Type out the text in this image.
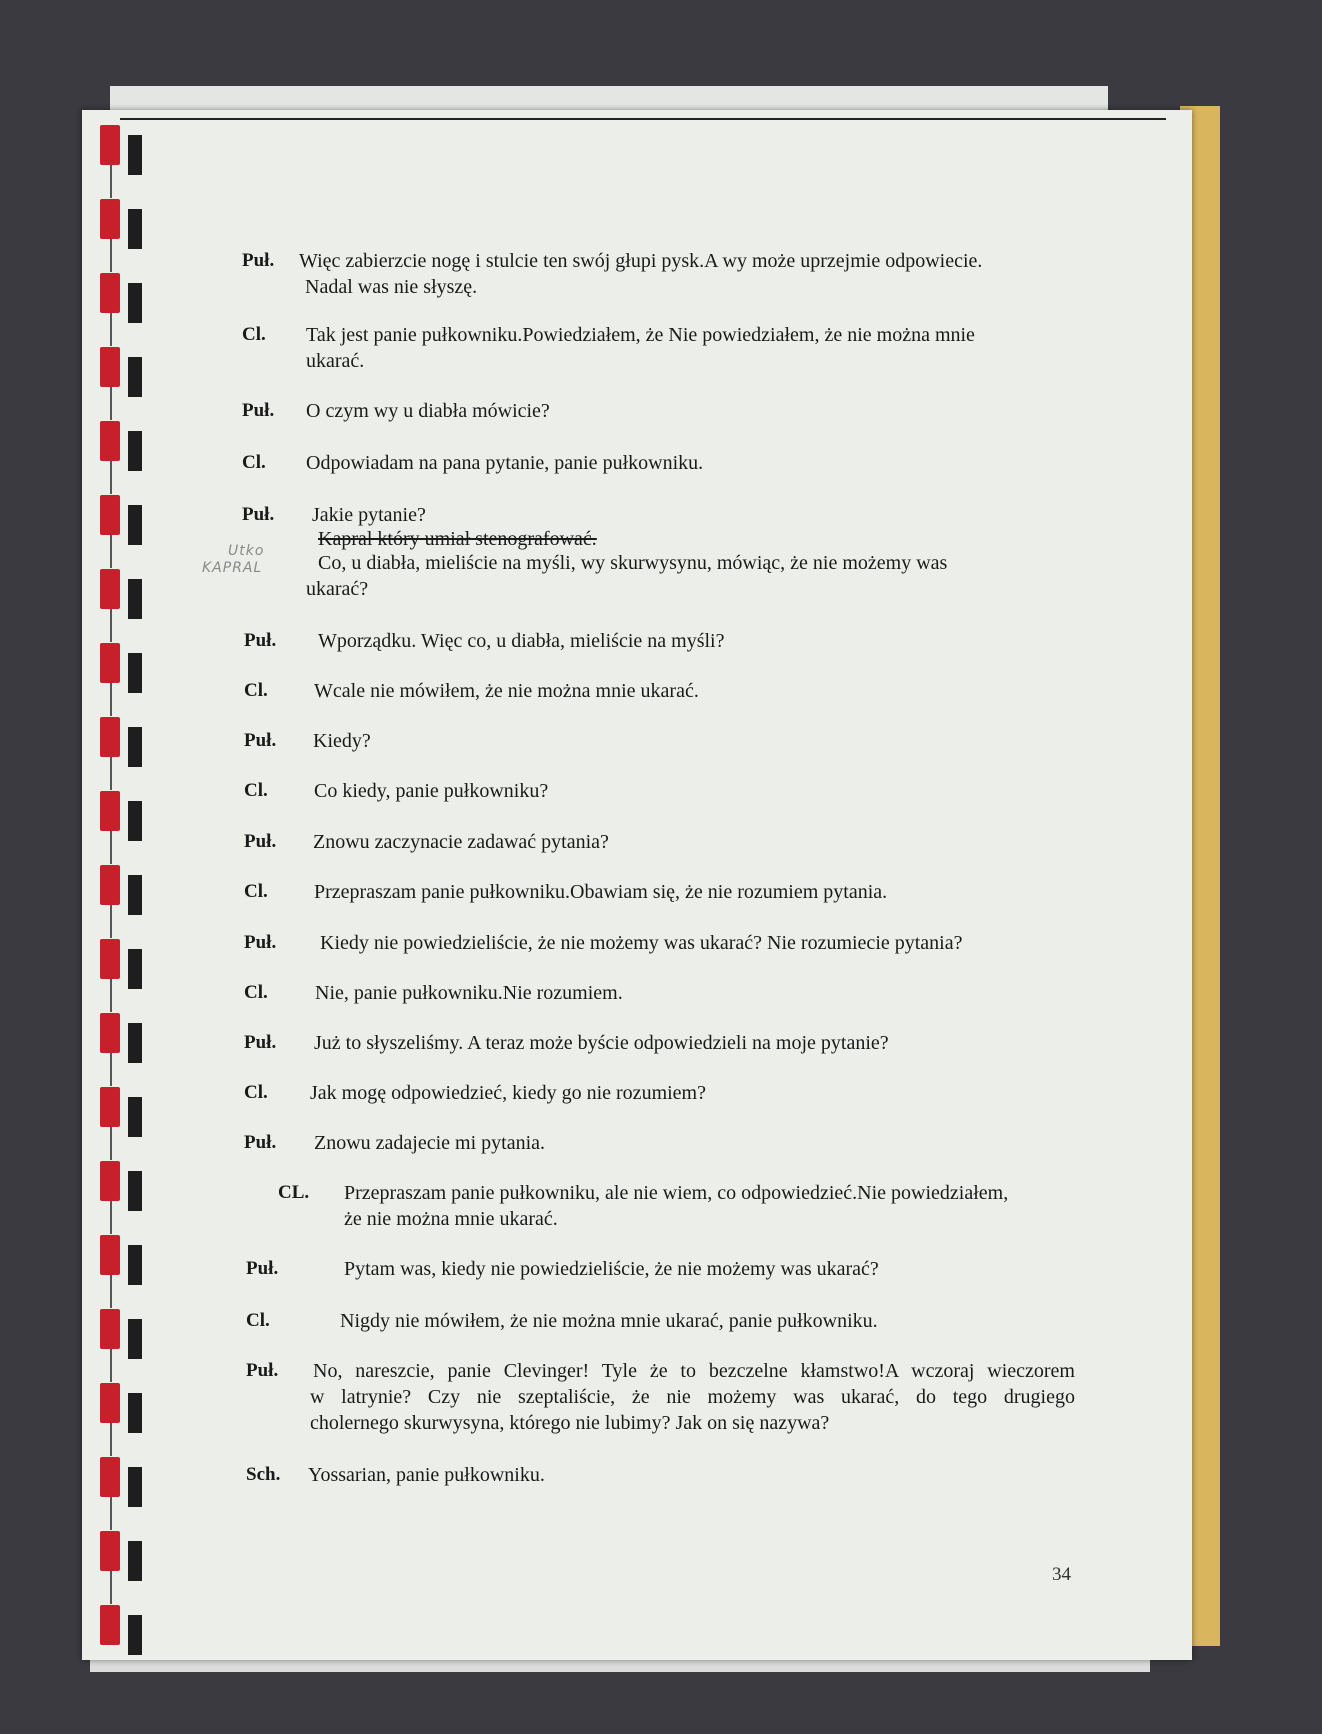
Utko
KAPRAL
Puł. Więc zabierzcie nogę i stulcie ten swój głupi pysk.A wy może uprzejmie odpowiecie.
Nadal was nie słyszę.
Cl. Tak jest panie pułkowniku.Powiedziałem, że Nie powiedziałem, że nie można mnie
ukarać.
Puł. O czym wy u diabła mówicie?
Cl. Odpowiadam na pana pytanie, panie pułkowniku.
Puł. Jakie pytanie?
Kapral który umiał stenografować.
Co, u diabła, mieliście na myśli, wy skurwysynu, mówiąc, że nie możemy was
ukarać?
Puł. Wporządku. Więc co, u diabła, mieliście na myśli?
Cl. Wcale nie mówiłem, że nie można mnie ukarać.
Puł. Kiedy?
Cl. Co kiedy, panie pułkowniku?
Puł. Znowu zaczynacie zadawać pytania?
Cl. Przepraszam panie pułkowniku.Obawiam się, że nie rozumiem pytania.
Puł. Kiedy nie powiedzieliście, że nie możemy was ukarać? Nie rozumiecie pytania?
Cl. Nie, panie pułkowniku.Nie rozumiem.
Puł. Już to słyszeliśmy. A teraz może byście odpowiedzieli na moje pytanie?
Cl. Jak mogę odpowiedzieć, kiedy go nie rozumiem?
Puł. Znowu zadajecie mi pytania.
CL. Przepraszam panie pułkowniku, ale nie wiem, co odpowiedzieć.Nie powiedziałem,
że nie można mnie ukarać.
Puł.	Pytam was, kiedy nie powiedzieliście, że nie możemy was ukarać?
Cl.	Nigdy nie mówiłem, że nie można mnie ukarać, panie pułkowniku.
Puł. No, nareszcie, panie Clevinger! Tyle że to bezczelne kłamstwo!A wczoraj wieczorem
w latrynie? Czy nie szeptaliście, że nie możemy was ukarać, do tego drugiego
cholernego skurwysyna, którego nie lubimy? Jak on się nazywa?
Sch. Yossarian, panie pułkowniku.
34
